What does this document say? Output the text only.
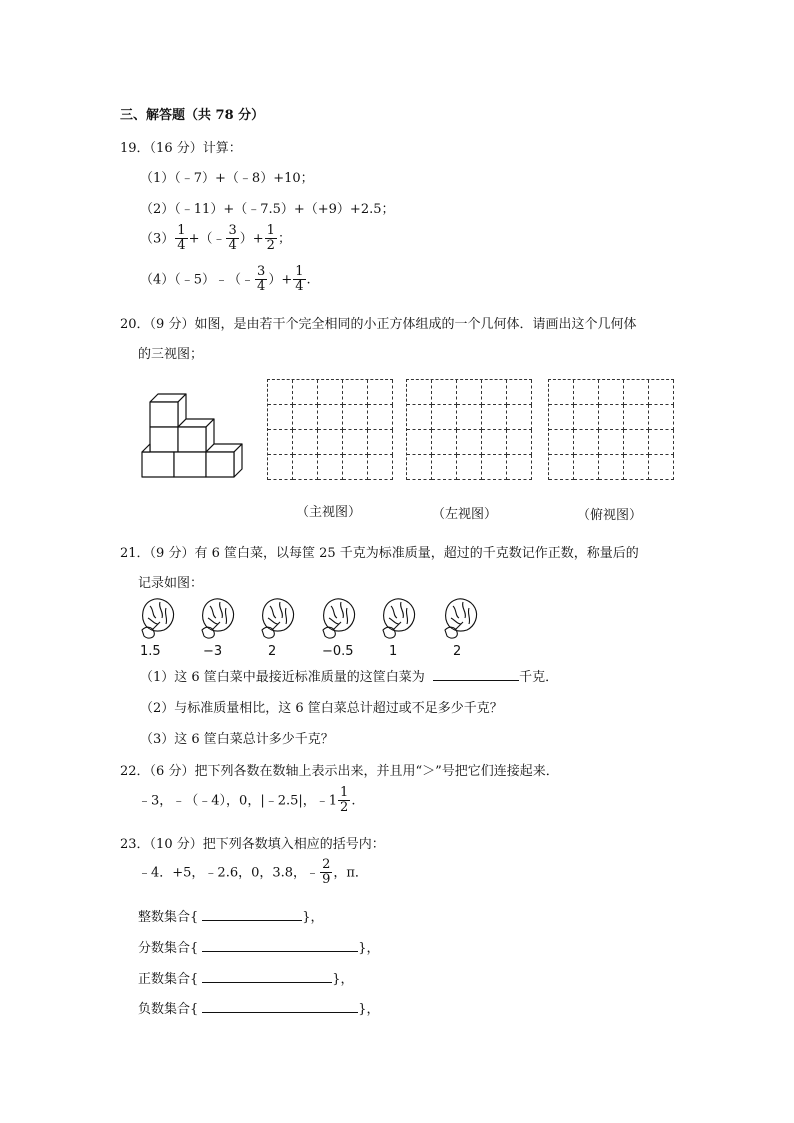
三、解答题（共 78 分）
19．（16 分）计算：
（1）（﹣7）+（﹣8）+10；
（2）（﹣11）+（﹣7.5）+（+9）+2.5；
$(3) \frac{1}{4}$ +（﹣ $\frac{3}{4}$ ）+ $\frac{1}{2}$ ；
（4）（﹣5）﹣（﹣ $\frac{3}{4}$ ）+ $\frac{1}{4}$ .
20．（9 分）如图，是由若干个完全相同的小正方体组成的一个几何体．请画出这个几何体
的三视图；
（主视图）	（左视图）	（俯视图）
21．（9 分）有 6 筐白菜，以每筐 25 千克为标准质量，超过的千克数记作正数，称量后的
记录如图：
1.5	−3	2	−0.5	1	2
（1）这 6 筐白菜中最接近标准质量的这筐白菜为	千克．
（2）与标准质量相比，这 6 筐白菜总计超过或不足多少千克？
（3）这 6 筐白菜总计多少千克？
22．（6 分）把下列各数在数轴上表示出来，并且用“＞”号把它们连接起来．
﹣3，﹣（﹣4），0，|﹣2.5|，﹣1 $\frac{1}{2}$ .
23．（10 分）把下列各数填入相应的括号内：
﹣4．+5，﹣2.6，0，3.8，﹣ $\frac{2}{9}$ ，π．
整数集合{	}，
分数集合{	}，
正数集合{	}，
负数集合{	}，
